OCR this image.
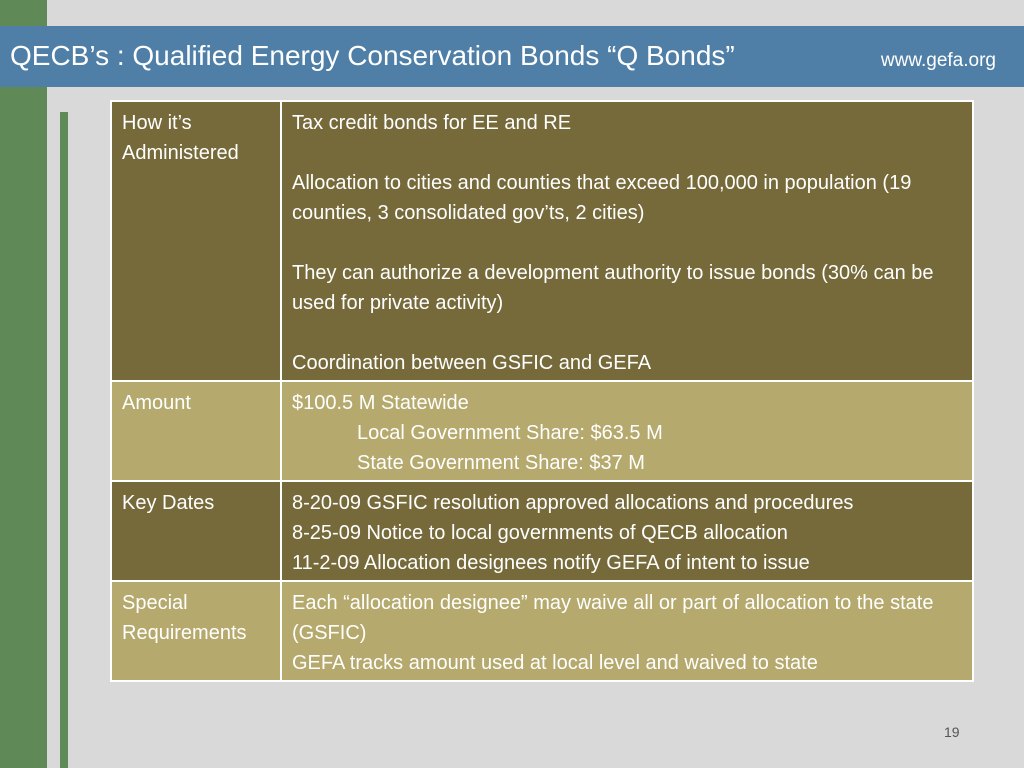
QECB’s : Qualified Energy Conservation Bonds “Q Bonds”	www.gefa.org
How it’s Administered	Tax credit bonds for EE and RE
Allocation to cities and counties that exceed 100,000 in population (19 counties, 3 consolidated gov’ts, 2 cities)
They can authorize a development authority to issue bonds (30% can be used for private activity)
Coordination between GSFIC and GEFA

Amount	$100.5 M Statewide
Local Government Share: $63.5 M
State Government Share: $37 M

Key Dates	8-20-09 GSFIC resolution approved allocations and procedures
8-25-09 Notice to local governments of QECB allocation
11-2-09 Allocation designees notify GEFA of intent to issue

Special Requirements	Each “allocation designee” may waive all or part of allocation to the state (GSFIC)
GEFA tracks amount used at local level and waived to state
19
